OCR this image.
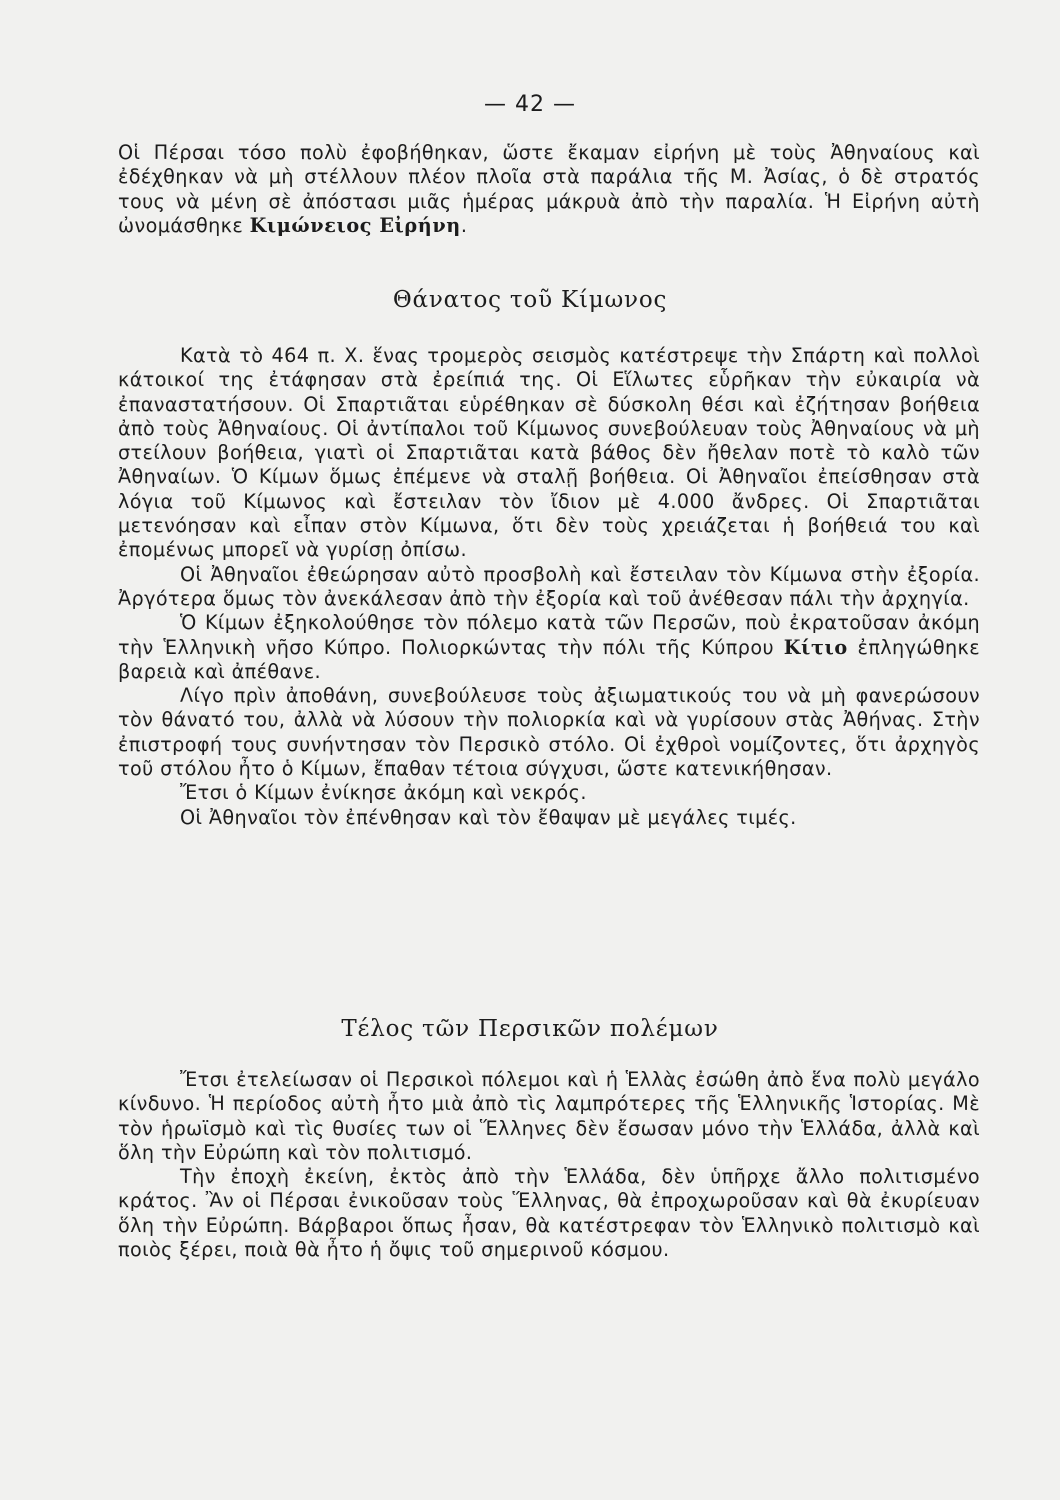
— 42 —

Οἱ Πέρσαι τόσο πολὺ ἐφοβήθηκαν, ὥστε ἔκαμαν εἰρήνη μὲ τοὺς Ἀθηναίους καὶ ἐδέχθηκαν νὰ μὴ στέλλουν πλέον πλοῖα στὰ παράλια τῆς Μ. Ἀσίας, ὁ δὲ στρατός τους νὰ μένη σὲ ἀπόστασι μιᾶς ἡμέρας μάκρυὰ ἀπὸ τὴν παραλία. Ἡ Εἰρήνη αὐτὴ ὠνομάσθηκε Κιμώνειος Εἰρήνη.

Θάνατος τοῦ Κίμωνος

Κατὰ τὸ 464 π. Χ. ἕνας τρομερὸς σεισμὸς κατέστρεψε τὴν Σπάρτη καὶ πολλοὶ κάτοικοί της ἐτάφησαν στὰ ἐρείπιά της. Οἱ Εἵλωτες εὗρῆκαν τὴν εὐκαιρία νὰ ἐπαναστατήσουν. Οἱ Σπαρτιᾶται εὑρέθηκαν σὲ δύσκολη θέσι καὶ ἐζήτησαν βοήθεια ἀπὸ τοὺς Ἀθηναίους. Οἱ ἀντίπαλοι τοῦ Κίμωνος συνεβούλευαν τοὺς Ἀθηναίους νὰ μὴ στείλουν βοήθεια, γιατὶ οἱ Σπαρτιᾶται κατὰ βάθος δὲν ἤθελαν ποτὲ τὸ καλὸ τῶν Ἀθηναίων. Ὁ Κίμων ὅμως ἐπέμενε νὰ σταλῇ βοήθεια. Οἱ Ἀθηναῖοι ἐπείσθησαν στὰ λόγια τοῦ Κίμωνος καὶ ἔστειλαν τὸν ἴδιον μὲ 4.000 ἄνδρες. Οἱ Σπαρτιᾶται μετενόησαν καὶ εἶπαν στὸν Κίμωνα, ὅτι δὲν τοὺς χρειάζεται ἡ βοήθειά του καὶ ἐπομένως μπορεῖ νὰ γυρίσῃ ὀπίσω.

Οἱ Ἀθηναῖοι ἐθεώρησαν αὐτὸ προσβολὴ καὶ ἔστειλαν τὸν Κίμωνα στὴν ἐξορία. Ἀργότερα ὅμως τὸν ἀνεκάλεσαν ἀπὸ τὴν ἐξορία καὶ τοῦ ἀνέθεσαν πάλι τὴν ἀρχηγία.

Ὁ Κίμων ἐξηκολούθησε τὸν πόλεμο κατὰ τῶν Περσῶν, ποὺ ἐκρατοῦσαν ἀκόμη τὴν Ἑλληνικὴ νῆσο Κύπρο. Πολιορκώντας τὴν πόλι τῆς Κύπρου Κίτιο ἐπληγώθηκε βαρειὰ καὶ ἀπέθανε.

Λίγο πρὶν ἀποθάνη, συνεβούλευσε τοὺς ἀξιωματικούς του νὰ μὴ φανερώσουν τὸν θάνατό του, ἀλλὰ νὰ λύσουν τὴν πολιορκία καὶ νὰ γυρίσουν στὰς Ἀθήνας. Στὴν ἐπιστροφή τους συνήντησαν τὸν Περσικὸ στόλο. Οἱ ἐχθροὶ νομίζοντες, ὅτι ἀρχηγὸς τοῦ στόλου ἦτο ὁ Κίμων, ἔπαθαν τέτοια σύγχυσι, ὥστε κατενικήθησαν.

Ἔτσι ὁ Κίμων ἐνίκησε ἀκόμη καὶ νεκρός.

Οἱ Ἀθηναῖοι τὸν ἐπένθησαν καὶ τὸν ἔθαψαν μὲ μεγάλες τιμές.

Τέλος τῶν Περσικῶν πολέμων

Ἔτσι ἐτελείωσαν οἱ Περσικοὶ πόλεμοι καὶ ἡ Ἑλλὰς ἐσώθη ἀπὸ ἕνα πολὺ μεγάλο κίνδυνο. Ἡ περίοδος αὐτὴ ἦτο μιὰ ἀπὸ τὶς λαμπρότερες τῆς Ἑλληνικῆς Ἱστορίας. Μὲ τὸν ἡρωϊσμὸ καὶ τὶς θυσίες των οἱ Ἕλληνες δὲν ἔσωσαν μόνο τὴν Ἑλλάδα, ἀλλὰ καὶ ὅλη τὴν Εὐρώπη καὶ τὸν πολιτισμό.

Τὴν ἐποχὴ ἐκείνη, ἐκτὸς ἀπὸ τὴν Ἑλλάδα, δὲν ὑπῆρχε ἄλλο πολιτισμένο κράτος. Ἂν οἱ Πέρσαι ἐνικοῦσαν τοὺς Ἕλληνας, θὰ ἐπροχωροῦσαν καὶ θὰ ἐκυρίευαν ὅλη τὴν Εὐρώπη. Βάρβαροι ὅπως ἦσαν, θὰ κατέστρεφαν τὸν Ἑλληνικὸ πολιτισμὸ καὶ ποιὸς ξέρει, ποιὰ θὰ ἦτο ἡ ὄψις τοῦ σημερινοῦ κόσμου.
